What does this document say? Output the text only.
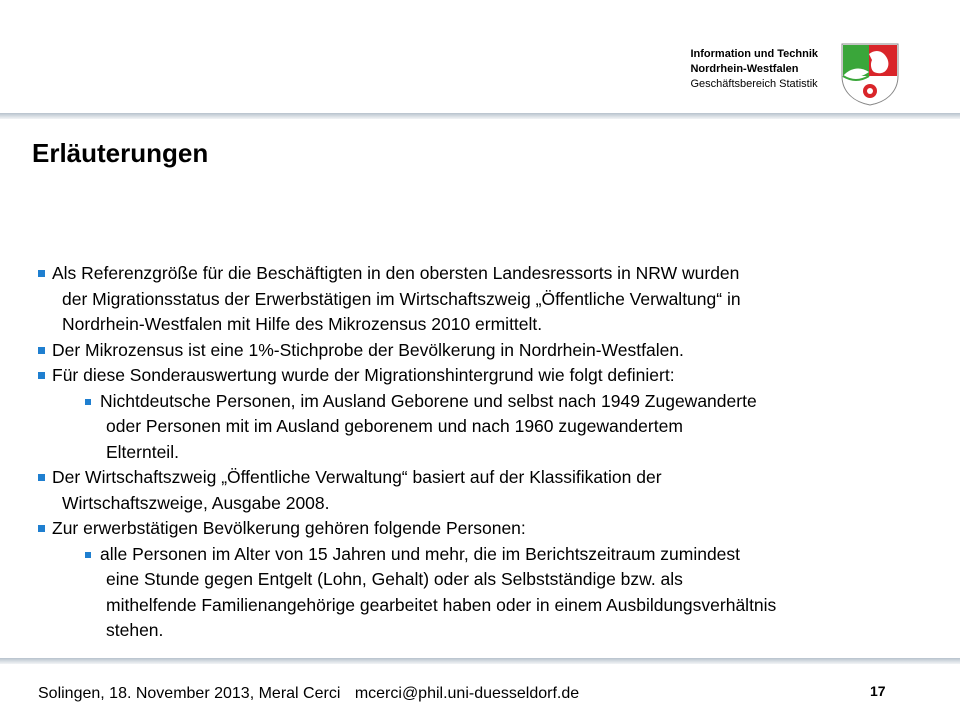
Information und Technik
Nordrhein-Westfalen
Geschäftsbereich Statistik
Erläuterungen
Als Referenzgröße für die Beschäftigten in den obersten Landesressorts in NRW wurden
der Migrationsstatus der Erwerbstätigen im Wirtschaftszweig „Öffentliche Verwaltung“ in
Nordrhein-Westfalen mit Hilfe des Mikrozensus 2010 ermittelt.
Der Mikrozensus ist eine 1%-Stichprobe der Bevölkerung in Nordrhein-Westfalen.
Für diese Sonderauswertung wurde der Migrationshintergrund wie folgt definiert:
Nichtdeutsche Personen, im Ausland Geborene und selbst nach 1949 Zugewanderte
oder Personen mit im Ausland geborenem und nach 1960 zugewandertem
Elternteil.
Der Wirtschaftszweig „Öffentliche Verwaltung“ basiert auf der Klassifikation der
Wirtschaftszweige, Ausgabe 2008.
Zur erwerbstätigen Bevölkerung gehören folgende Personen:
alle Personen im Alter von 15 Jahren und mehr, die im Berichtszeitraum zumindest
eine Stunde gegen Entgelt (Lohn, Gehalt) oder als Selbstständige bzw. als
mithelfende Familienangehörige gearbeitet haben oder in einem Ausbildungsverhältnis
stehen.
Solingen, 18. November 2013, Meral Cerci mcerci@phil.uni-duesseldorf.de	17
